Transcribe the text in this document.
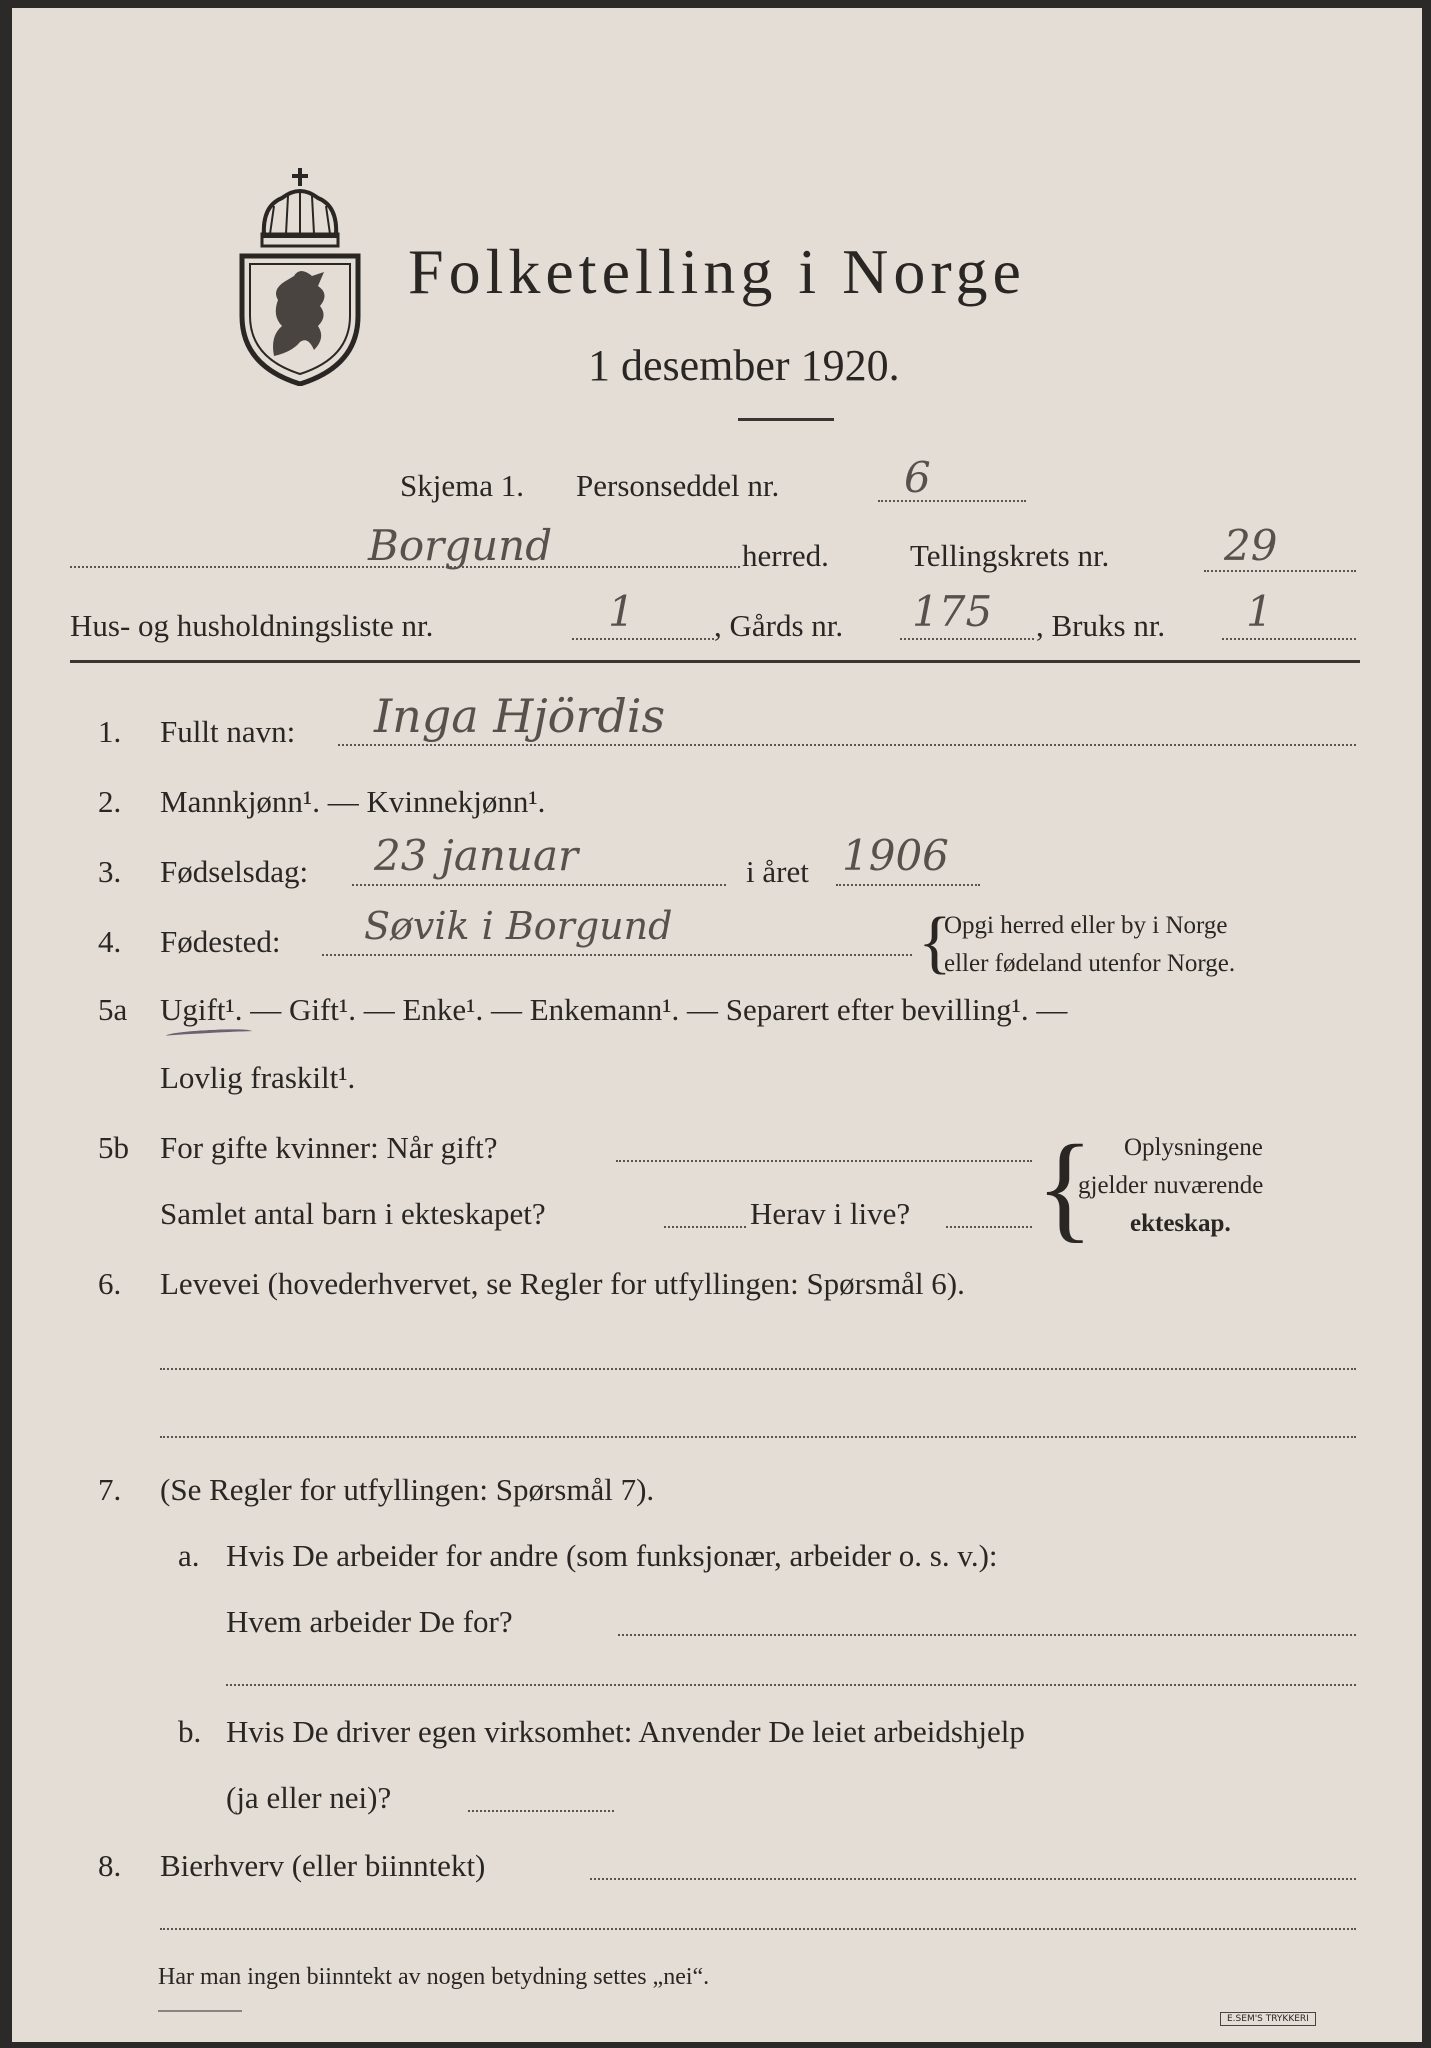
Folketelling i Norge
1 desember 1920.
Skjema 1. Personseddel nr.	6
Borgund	herred.	Tellingskrets nr.	29
Hus- og husholdningsliste nr.	1	, Gårds nr. 175 , Bruks nr. 1
1. Fullt navn: Inga Hjördis
2. Mannkjønn¹. — Kvinnekjønn¹.
3. Fødselsdag: 23 januar	i året 1906
4. Fødested: Søvik i Borgund	{
Opgi herred eller by i Norge
eller fødeland utenfor Norge.
5a Ugift¹. — Gift¹. — Enke¹. — Enkemann¹. — Separert efter bevilling¹. —
Lovlig fraskilt¹.
5b For gifte kvinner: Når gift?
Samlet antal barn i ekteskapet?	Herav i live? { Oplysningene
gjelder nuværende
ekteskap.
6. Levevei (hovederhvervet, se Regler for utfyllingen: Spørsmål 6).
7. (Se Regler for utfyllingen: Spørsmål 7).
a. Hvis De arbeider for andre (som funksjonær, arbeider o. s. v.):
Hvem arbeider De for?
b. Hvis De driver egen virksomhet: Anvender De leiet arbeidshjelp
(ja eller nei)?
8. Bierhverv (eller biinntekt)
Har man ingen biinntekt av nogen betydning settes „nei“.
E.SEM'S TRYKKERI
